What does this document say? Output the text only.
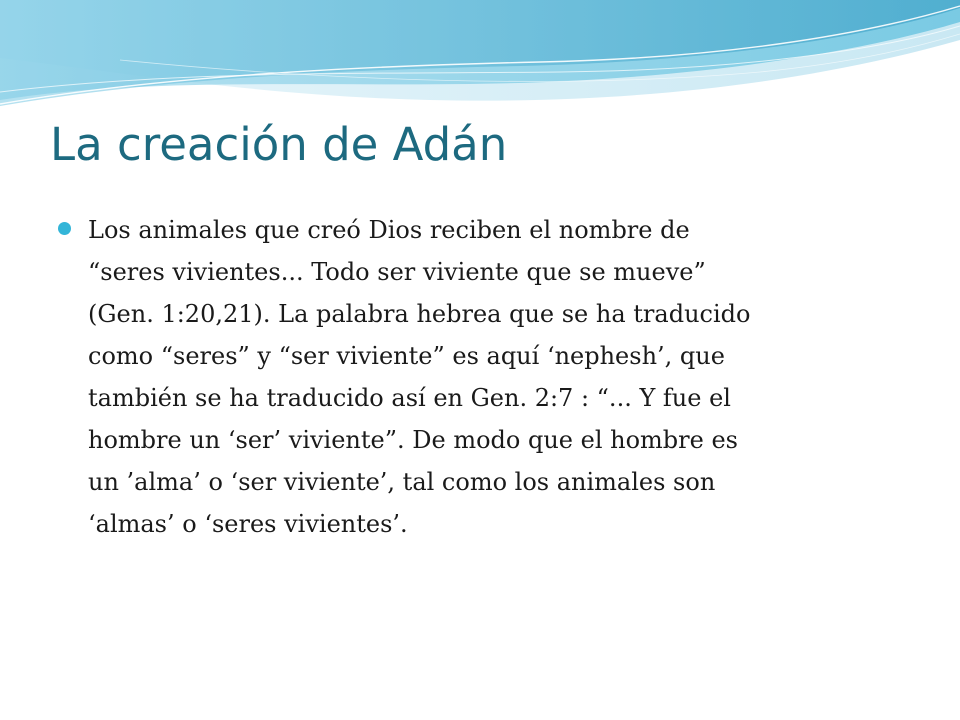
La creación de Adán
Los animales que creó Dios reciben el nombre de
“seres vivientes... Todo ser viviente que se mueve”
(Gen. 1:20,21). La palabra hebrea que se ha traducido
como “seres” y “ser viviente” es aquí ‘nephesh’, que
también se ha traducido así en Gen. 2:7 : “... Y fue el
hombre un ‘ser’ viviente”. De modo que el hombre es
un ’alma’ o ‘ser viviente’, tal como los animales son
‘almas’ o ‘seres vivientes’.
